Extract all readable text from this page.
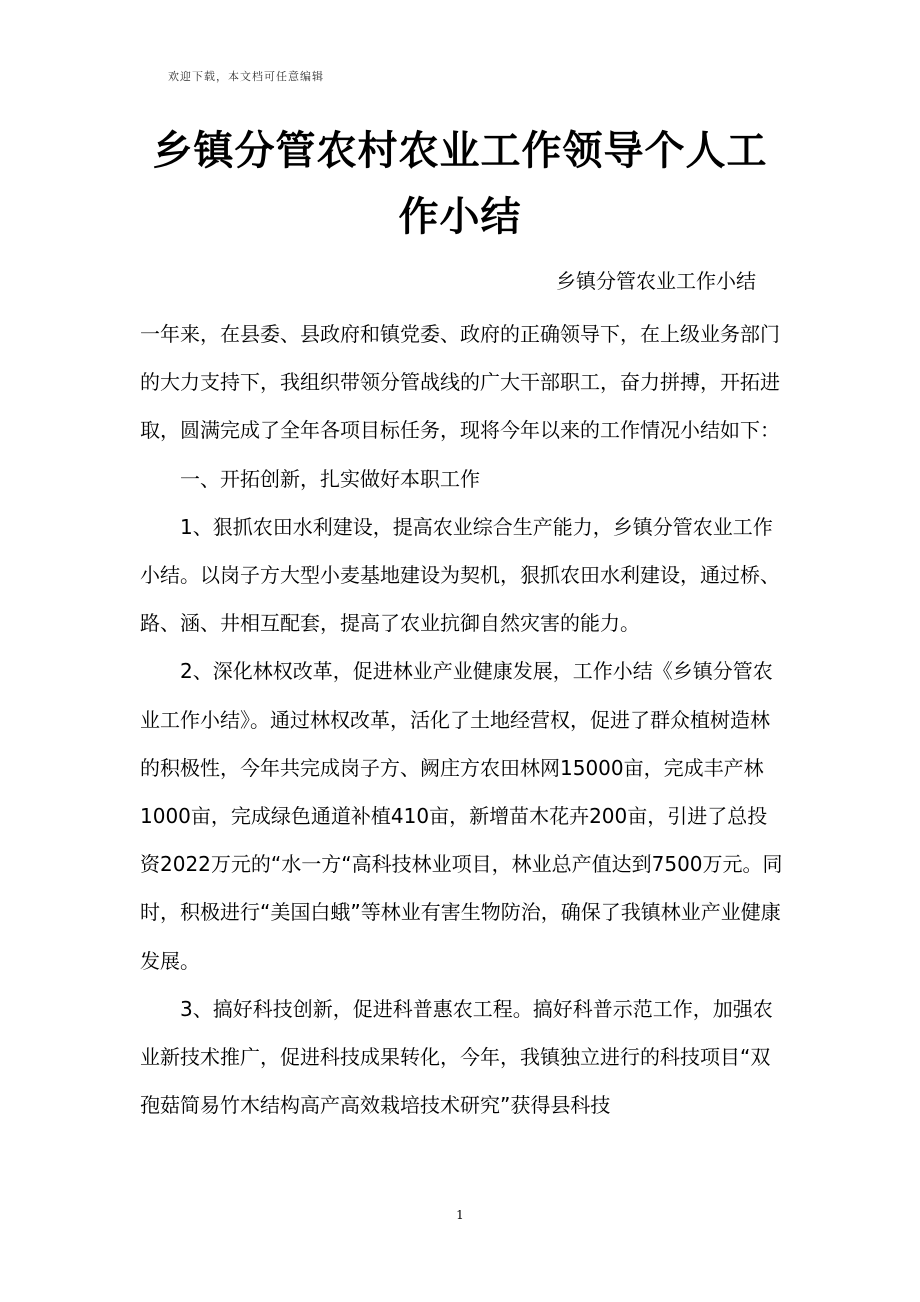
欢迎下载，本文档可任意编辑
乡镇分管农村农业工作领导个人工
作小结
乡镇分管农业工作小结

一年来，在县委、县政府和镇党委、政府的正确领导下，在上级业务部门的大力支持下，我组织带领分管战线的广大干部职工，奋力拼搏，开拓进取，圆满完成了全年各项目标任务，现将今年以来的工作情况小结如下：

一、开拓创新，扎实做好本职工作

1、狠抓农田水利建设，提高农业综合生产能力，乡镇分管农业工作小结。以岗子方大型小麦基地建设为契机，狠抓农田水利建设，通过桥、路、涵、井相互配套，提高了农业抗御自然灾害的能力。

2、深化林权改革，促进林业产业健康发展，工作小结《乡镇分管农业工作小结》。通过林权改革，活化了土地经营权，促进了群众植树造林的积极性，今年共完成岗子方、阙庄方农田林网15000亩，完成丰产林1000亩，完成绿色通道补植410亩，新增苗木花卉200亩，引进了总投资2022万元的“水一方“高科技林业项目，林业总产值达到7500万元。同时，积极进行“美国白蛾”等林业有害生物防治，确保了我镇林业产业健康发展。

3、搞好科技创新，促进科普惠农工程。搞好科普示范工作，加强农业新技术推广，促进科技成果转化，今年，我镇独立进行的科技项目“双孢菇简易竹木结构高产高效栽培技术研究”获得县科技

1
